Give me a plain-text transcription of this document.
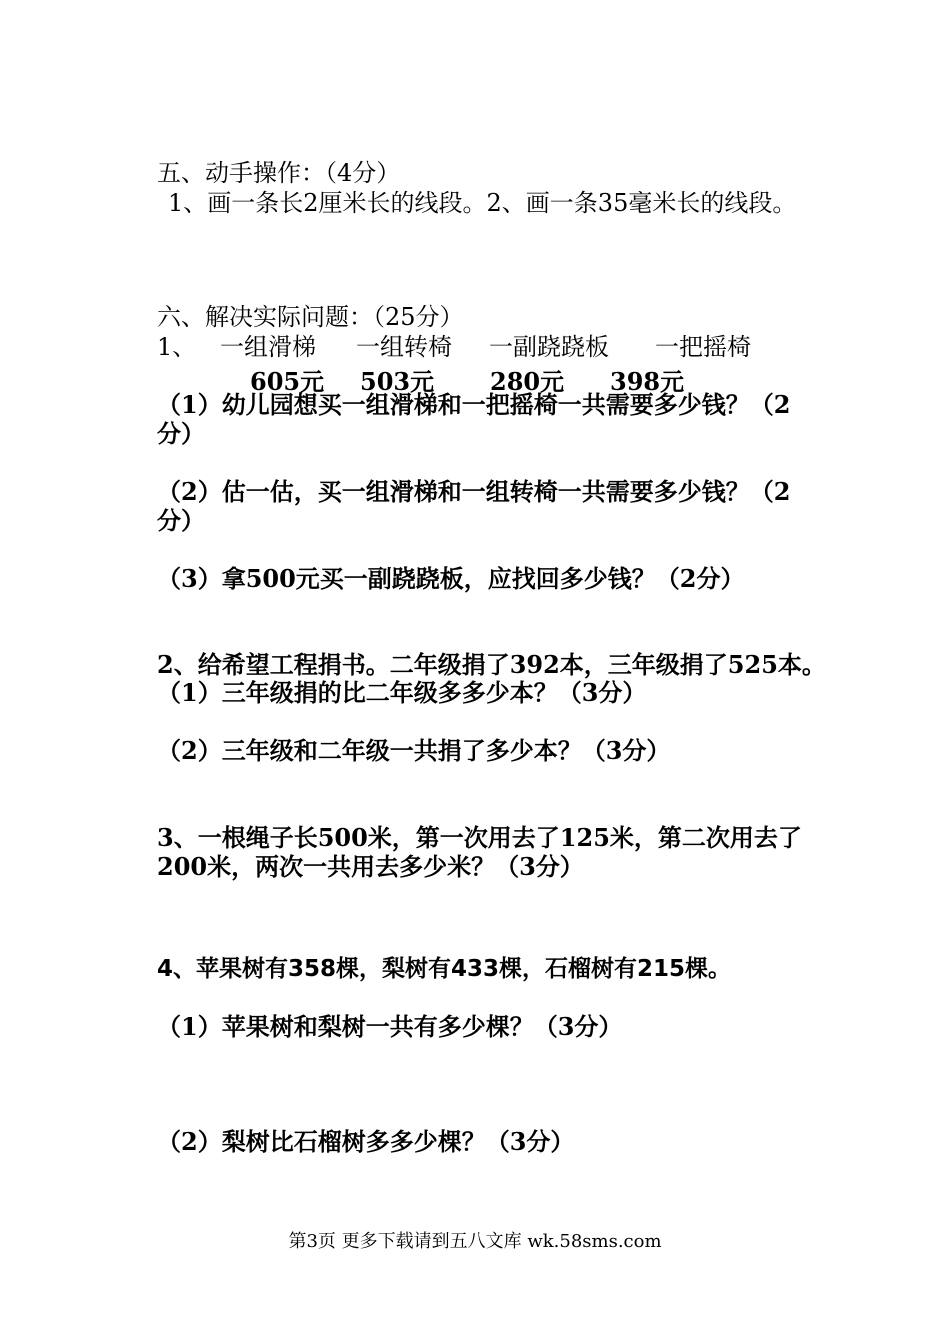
五、动手操作：（4分）
1、画一条长2厘米长的线段。2、画一条35毫米长的线段。
六、解决实际问题：（25分）
1、 一组滑梯 一组转椅 一副跷跷板 一把摇椅
605元 503元 280元 398元
（1）幼儿园想买一组滑梯和一把摇椅一共需要多少钱？（2
分）
（2）估一估，买一组滑梯和一组转椅一共需要多少钱？（2
分）
（3）拿500元买一副跷跷板，应找回多少钱？（2分）
2、给希望工程捐书。二年级捐了392本，三年级捐了525本。
（1）三年级捐的比二年级多多少本？（3分）
（2）三年级和二年级一共捐了多少本？（3分）
3、一根绳子长500米，第一次用去了125米，第二次用去了
200米，两次一共用去多少米？（3分）
4、苹果树有358棵，梨树有433棵，石榴树有215棵。
（1）苹果树和梨树一共有多少棵？（3分）
（2）梨树比石榴树多多少棵？（3分）
第3页 更多下载请到五八文库 wk.58sms.com
